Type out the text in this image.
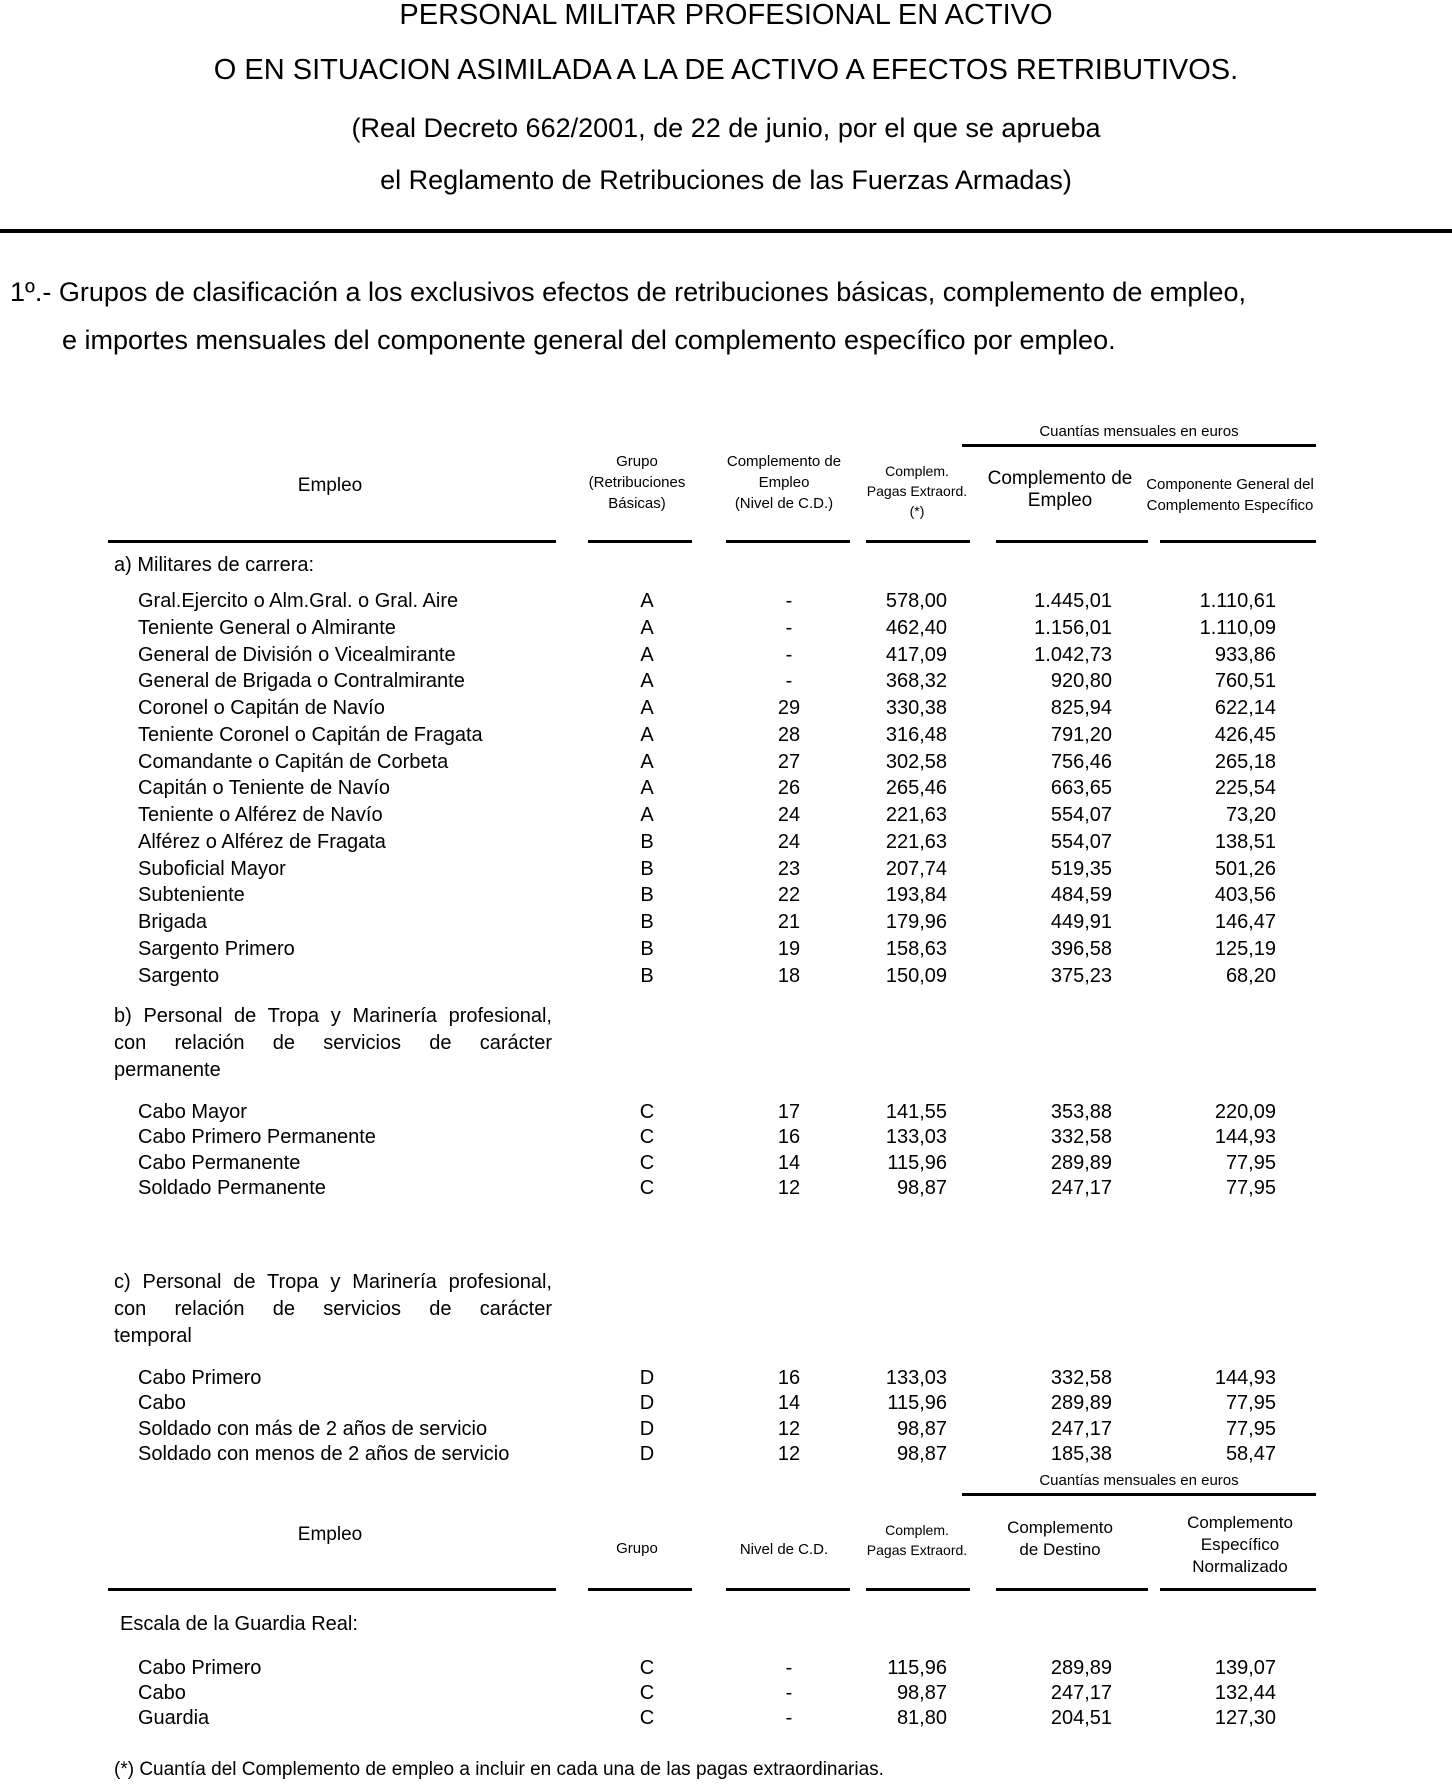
PERSONAL MILITAR PROFESIONAL EN ACTIVO
O EN SITUACION ASIMILADA A LA DE ACTIVO A EFECTOS RETRIBUTIVOS.
(Real Decreto 662/2001, de 22 de junio, por el que se aprueba
el Reglamento de Retribuciones de las Fuerzas Armadas)
1º.- Grupos de clasificación a los exclusivos efectos de retribuciones básicas, complemento de empleo,
e importes mensuales del componente general del complemento específico por empleo.
Cuantías mensuales en euros
Empleo
Grupo
(Retribuciones
Básicas)
Complemento de
Empleo
(Nivel de C.D.)
Complem.
Pagas Extraord.
(*)
Complemento de
Empleo
Componente General del
Complemento Específico
a) Militares de carrera:
Gral.Ejercito o Alm.Gral. o Gral. Aire	A	-	578,00	1.445,01	1.110,61
Teniente General o Almirante	A	-	462,40	1.156,01	1.110,09
General de División o Vicealmirante	A	-	417,09	1.042,73	933,86
General de Brigada o Contralmirante	A	-	368,32	920,80	760,51
Coronel o Capitán de Navío	A	29	330,38	825,94	622,14
Teniente Coronel o Capitán de Fragata	A	28	316,48	791,20	426,45
Comandante o Capitán de Corbeta	A	27	302,58	756,46	265,18
Capitán o Teniente de Navío	A	26	265,46	663,65	225,54
Teniente o Alférez de Navío	A	24	221,63	554,07	73,20
Alférez o Alférez de Fragata	B	24	221,63	554,07	138,51
Suboficial Mayor	B	23	207,74	519,35	501,26
Subteniente	B	22	193,84	484,59	403,56
Brigada	B	21	179,96	449,91	146,47
Sargento Primero	B	19	158,63	396,58	125,19
Sargento	B	18	150,09	375,23	68,20
b) Personal de Tropa y Marinería profesional,
con relación de servicios de carácter
permanente
Cabo Mayor	C	17	141,55	353,88	220,09
Cabo Primero Permanente	C	16	133,03	332,58	144,93
Cabo Permanente	C	14	115,96	289,89	77,95
Soldado Permanente	C	12	98,87	247,17	77,95
c) Personal de Tropa y Marinería profesional,
con relación de servicios de carácter
temporal
Cabo Primero	D	16	133,03	332,58	144,93
Cabo	D	14	115,96	289,89	77,95
Soldado con más de 2 años de servicio	D	12	98,87	247,17	77,95
Soldado con menos de 2 años de servicio	D	12	98,87	185,38	58,47
Cuantías mensuales en euros
Empleo
Grupo	Nivel de C.D.
Complem.
Pagas Extraord.
Complemento
de Destino
Complemento
Específico
Normalizado
Escala de la Guardia Real:
Cabo Primero	C	-	115,96	289,89	139,07
Cabo	C	-	98,87	247,17	132,44
Guardia	C	-	81,80	204,51	127,30
(*) Cuantía del Complemento de empleo a incluir en cada una de las pagas extraordinarias.
